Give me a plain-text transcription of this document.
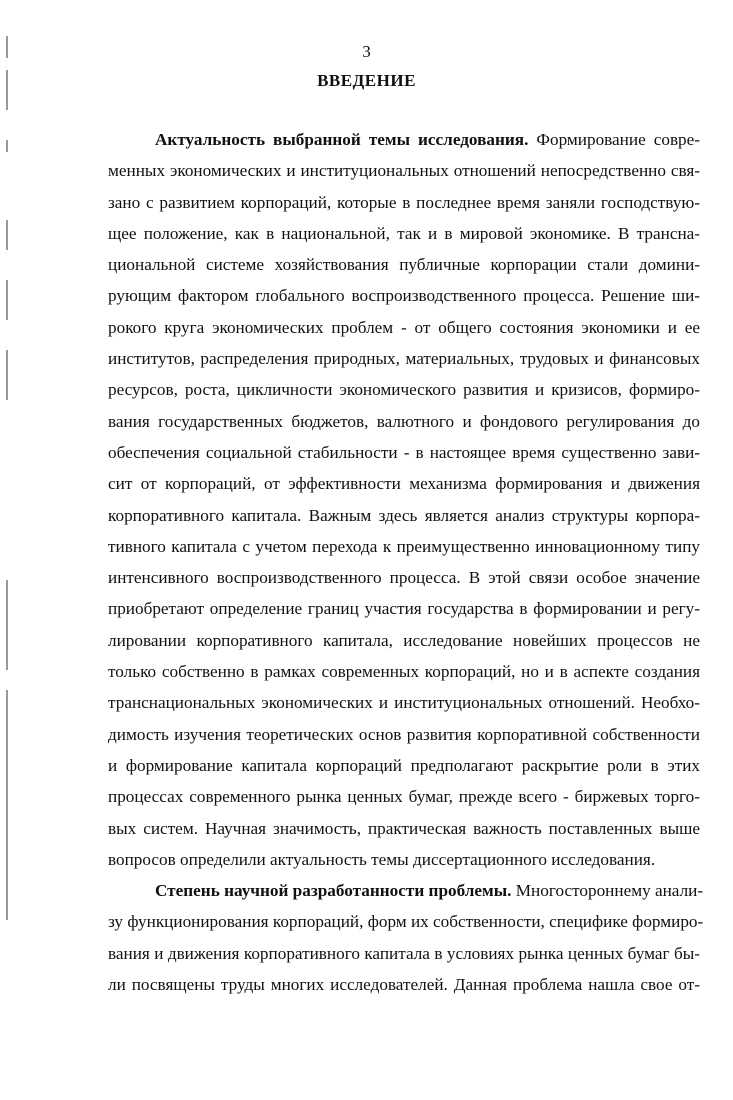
3
ВВЕДЕНИЕ
Актуальность выбранной темы исследования. Формирование совре-
менных экономических и институциональных отношений непосредственно свя-
зано с развитием корпораций, которые в последнее время заняли господствую-
щее положение, как в национальной, так и в мировой экономике. В трансна-
циональной системе хозяйствования публичные корпорации стали домини-
рующим фактором глобального воспроизводственного процесса. Решение ши-
рокого круга экономических проблем - от общего состояния экономики и ее
институтов, распределения природных, материальных, трудовых и финансовых
ресурсов, роста, цикличности экономического развития и кризисов, формиро-
вания государственных бюджетов, валютного и фондового регулирования до
обеспечения социальной стабильности - в настоящее время существенно зави-
сит от корпораций, от эффективности механизма формирования и движения
корпоративного капитала. Важным здесь является анализ структуры корпора-
тивного капитала с учетом перехода к преимущественно инновационному типу
интенсивного воспроизводственного процесса. В этой связи особое значение
приобретают определение границ участия государства в формировании и регу-
лировании корпоративного капитала, исследование новейших процессов не
только собственно в рамках современных корпораций, но и в аспекте создания
транснациональных экономических и институциональных отношений. Необхо-
димость изучения теоретических основ развития корпоративной собственности
и формирование капитала корпораций предполагают раскрытие роли в этих
процессах современного рынка ценных бумаг, прежде всего - биржевых торго-
вых систем. Научная значимость, практическая важность поставленных выше
вопросов определили актуальность темы диссертационного исследования.
Степень научной разработанности проблемы. Многостороннему анали-
зу функционирования корпораций, форм их собственности, специфике формиро-
вания и движения корпоративного капитала в условиях рынка ценных бумаг бы-
ли посвящены труды многих исследователей. Данная проблема нашла свое от-
